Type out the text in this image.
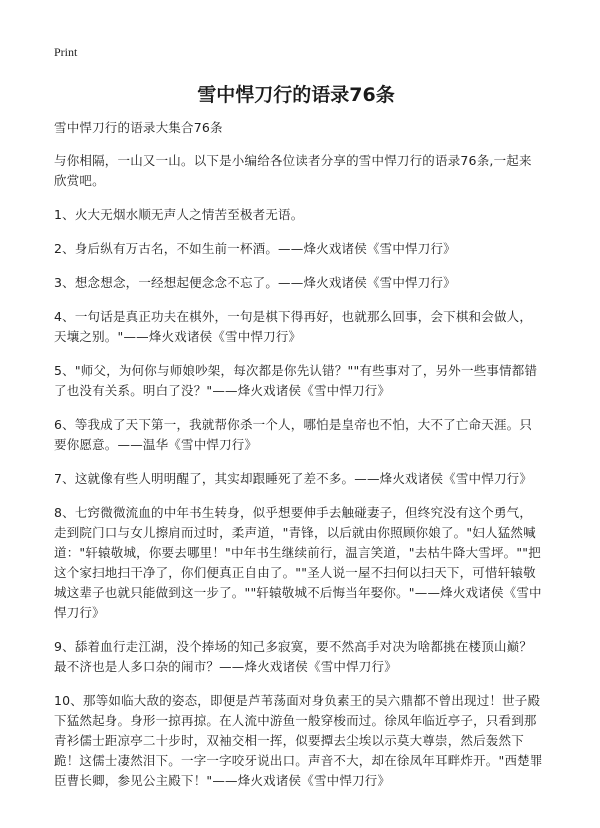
Print
雪中悍刀行的语录76条

雪中悍刀行的语录大集合76条

与你相隔，一山又一山。以下是小编给各位读者分享的雪中悍刀行的语录76条,一起来欣赏吧。

1、火大无烟水顺无声人之情苦至极者无语。

2、身后纵有万古名，不如生前一杯酒。——烽火戏诸侯《雪中悍刀行》

3、想念想念，一经想起便念念不忘了。——烽火戏诸侯《雪中悍刀行》

4、一句话是真正功夫在棋外，一句是棋下得再好，也就那么回事，会下棋和会做人，天壤之别。"——烽火戏诸侯《雪中悍刀行》

5、"师父，为何你与师娘吵架，每次都是你先认错？""有些事对了，另外一些事情都错了也没有关系。明白了没？"——烽火戏诸侯《雪中悍刀行》

6、等我成了天下第一，我就帮你杀一个人，哪怕是皇帝也不怕，大不了亡命天涯。只要你愿意。——温华《雪中悍刀行》

7、这就像有些人明明醒了，其实却跟睡死了差不多。——烽火戏诸侯《雪中悍刀行》

8、七窍微微流血的中年书生转身，似乎想要伸手去触碰妻子，但终究没有这个勇气，走到院门口与女儿擦肩而过时，柔声道，"青锋，以后就由你照顾你娘了。"妇人猛然喊道："轩辕敬城，你要去哪里！"中年书生继续前行，温言笑道，"去枯牛降大雪坪。""把这个家扫地扫干净了，你们便真正自由了。""圣人说一屋不扫何以扫天下，可惜轩辕敬城这辈子也就只能做到这一步了。""轩辕敬城不后悔当年娶你。"——烽火戏诸侯《雪中悍刀行》

9、舔着血行走江湖，没个捧场的知己多寂寞，要不然高手对决为啥都挑在楼顶山巅？最不济也是人多口杂的闹市？——烽火戏诸侯《雪中悍刀行》

10、那等如临大敌的姿态，即便是芦苇荡面对身负素王的吴六鼎都不曾出现过！世子殿下猛然起身。身形一掠再掠。在人流中游鱼一般穿梭而过。徐凤年临近亭子，只看到那青衫儒士距凉亭二十步时，双袖交相一挥，似要撢去尘埃以示莫大尊崇，然后轰然下跪！这儒士凄然泪下。一字一字咬牙说出口。声音不大，却在徐凤年耳畔炸开。"西楚罪臣曹长卿，参见公主殿下！"——烽火戏诸侯《雪中悍刀行》
